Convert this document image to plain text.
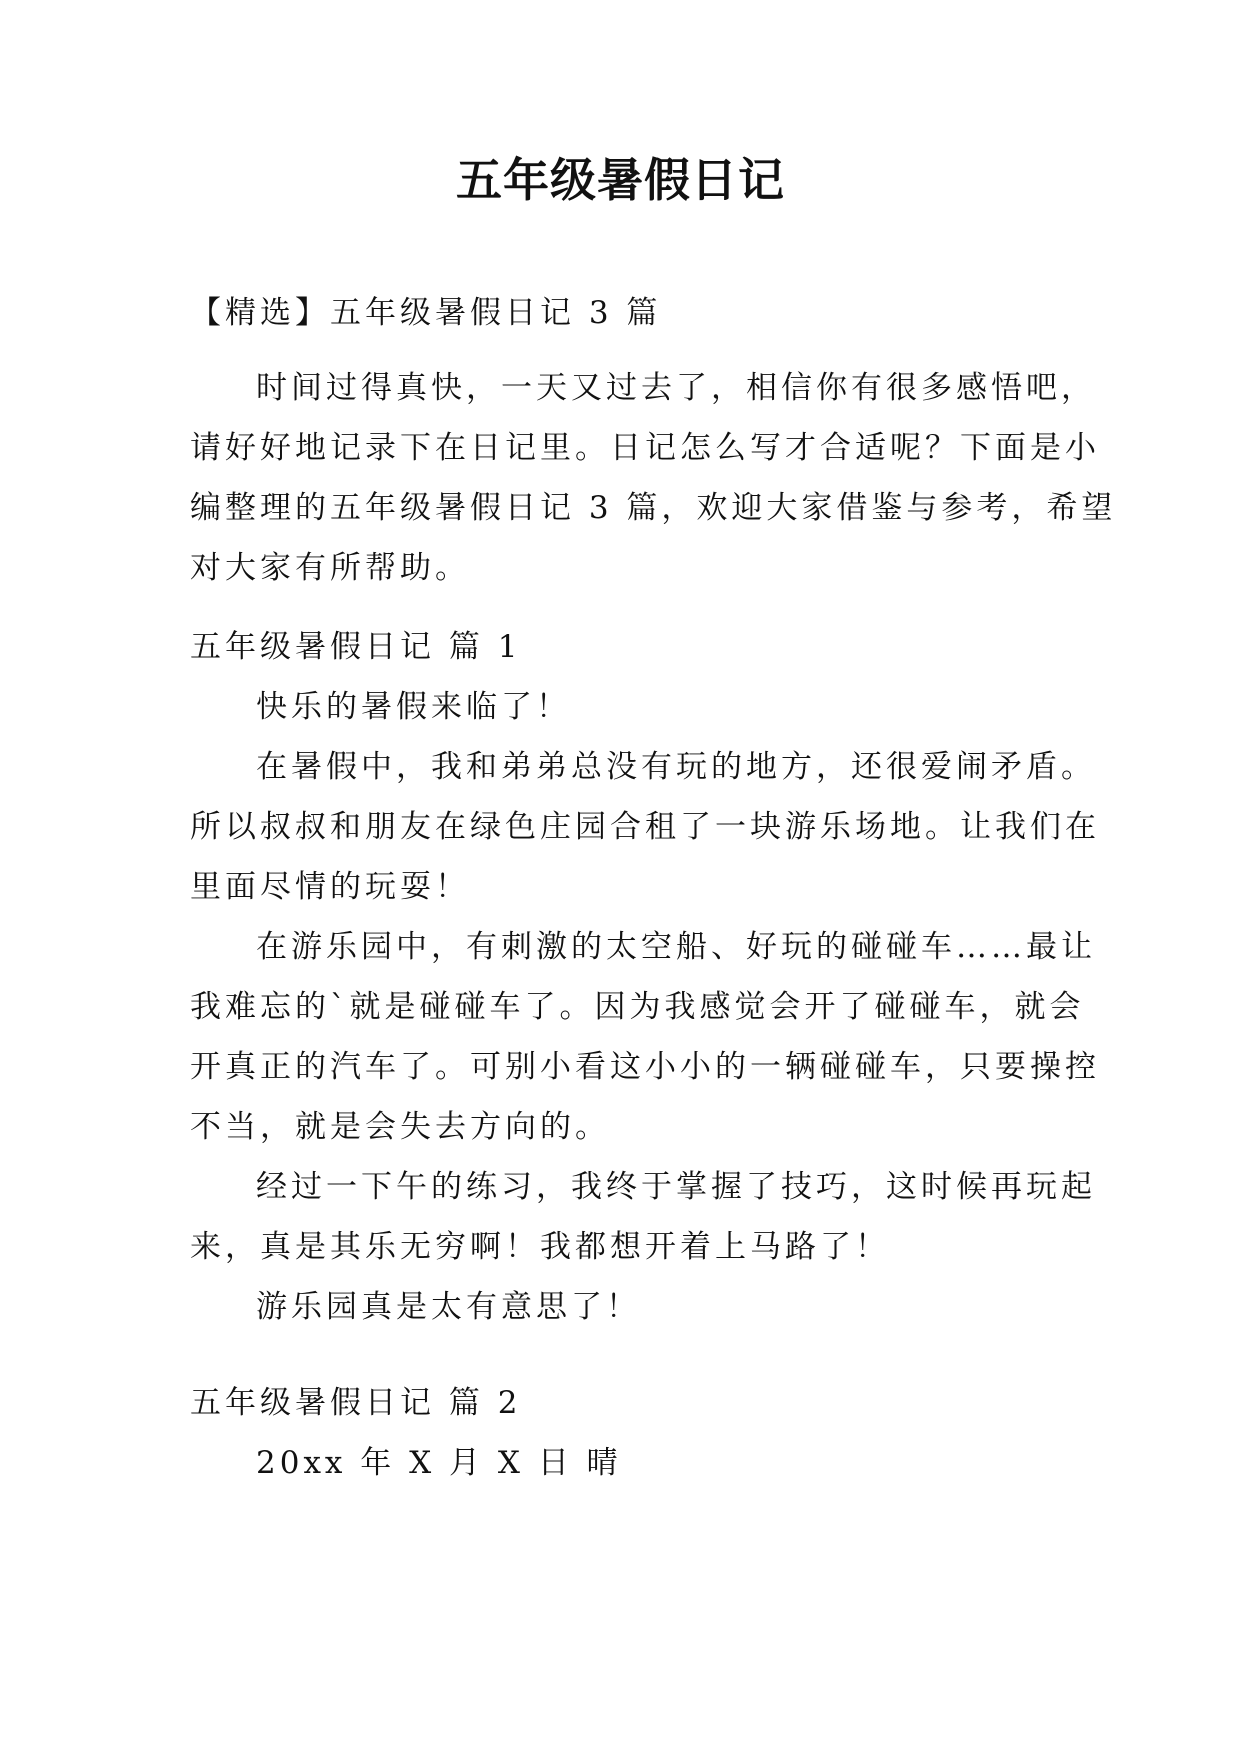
五年级暑假日记
【精选】五年级暑假日记 3 篇
时间过得真快，一天又过去了，相信你有很多感悟吧，
请好好地记录下在日记里。日记怎么写才合适呢？下面是小
编整理的五年级暑假日记 3 篇，欢迎大家借鉴与参考，希望
对大家有所帮助。
五年级暑假日记 篇 1
快乐的暑假来临了！
在暑假中，我和弟弟总没有玩的地方，还很爱闹矛盾。
所以叔叔和朋友在绿色庄园合租了一块游乐场地。让我们在
里面尽情的玩耍！
在游乐园中，有刺激的太空船、好玩的碰碰车……最让
我难忘的`就是碰碰车了。因为我感觉会开了碰碰车，就会
开真正的汽车了。可别小看这小小的一辆碰碰车，只要操控
不当，就是会失去方向的。
经过一下午的练习，我终于掌握了技巧，这时候再玩起
来，真是其乐无穷啊！我都想开着上马路了！
游乐园真是太有意思了！
五年级暑假日记 篇 2
20xx 年 X 月 X 日 晴
